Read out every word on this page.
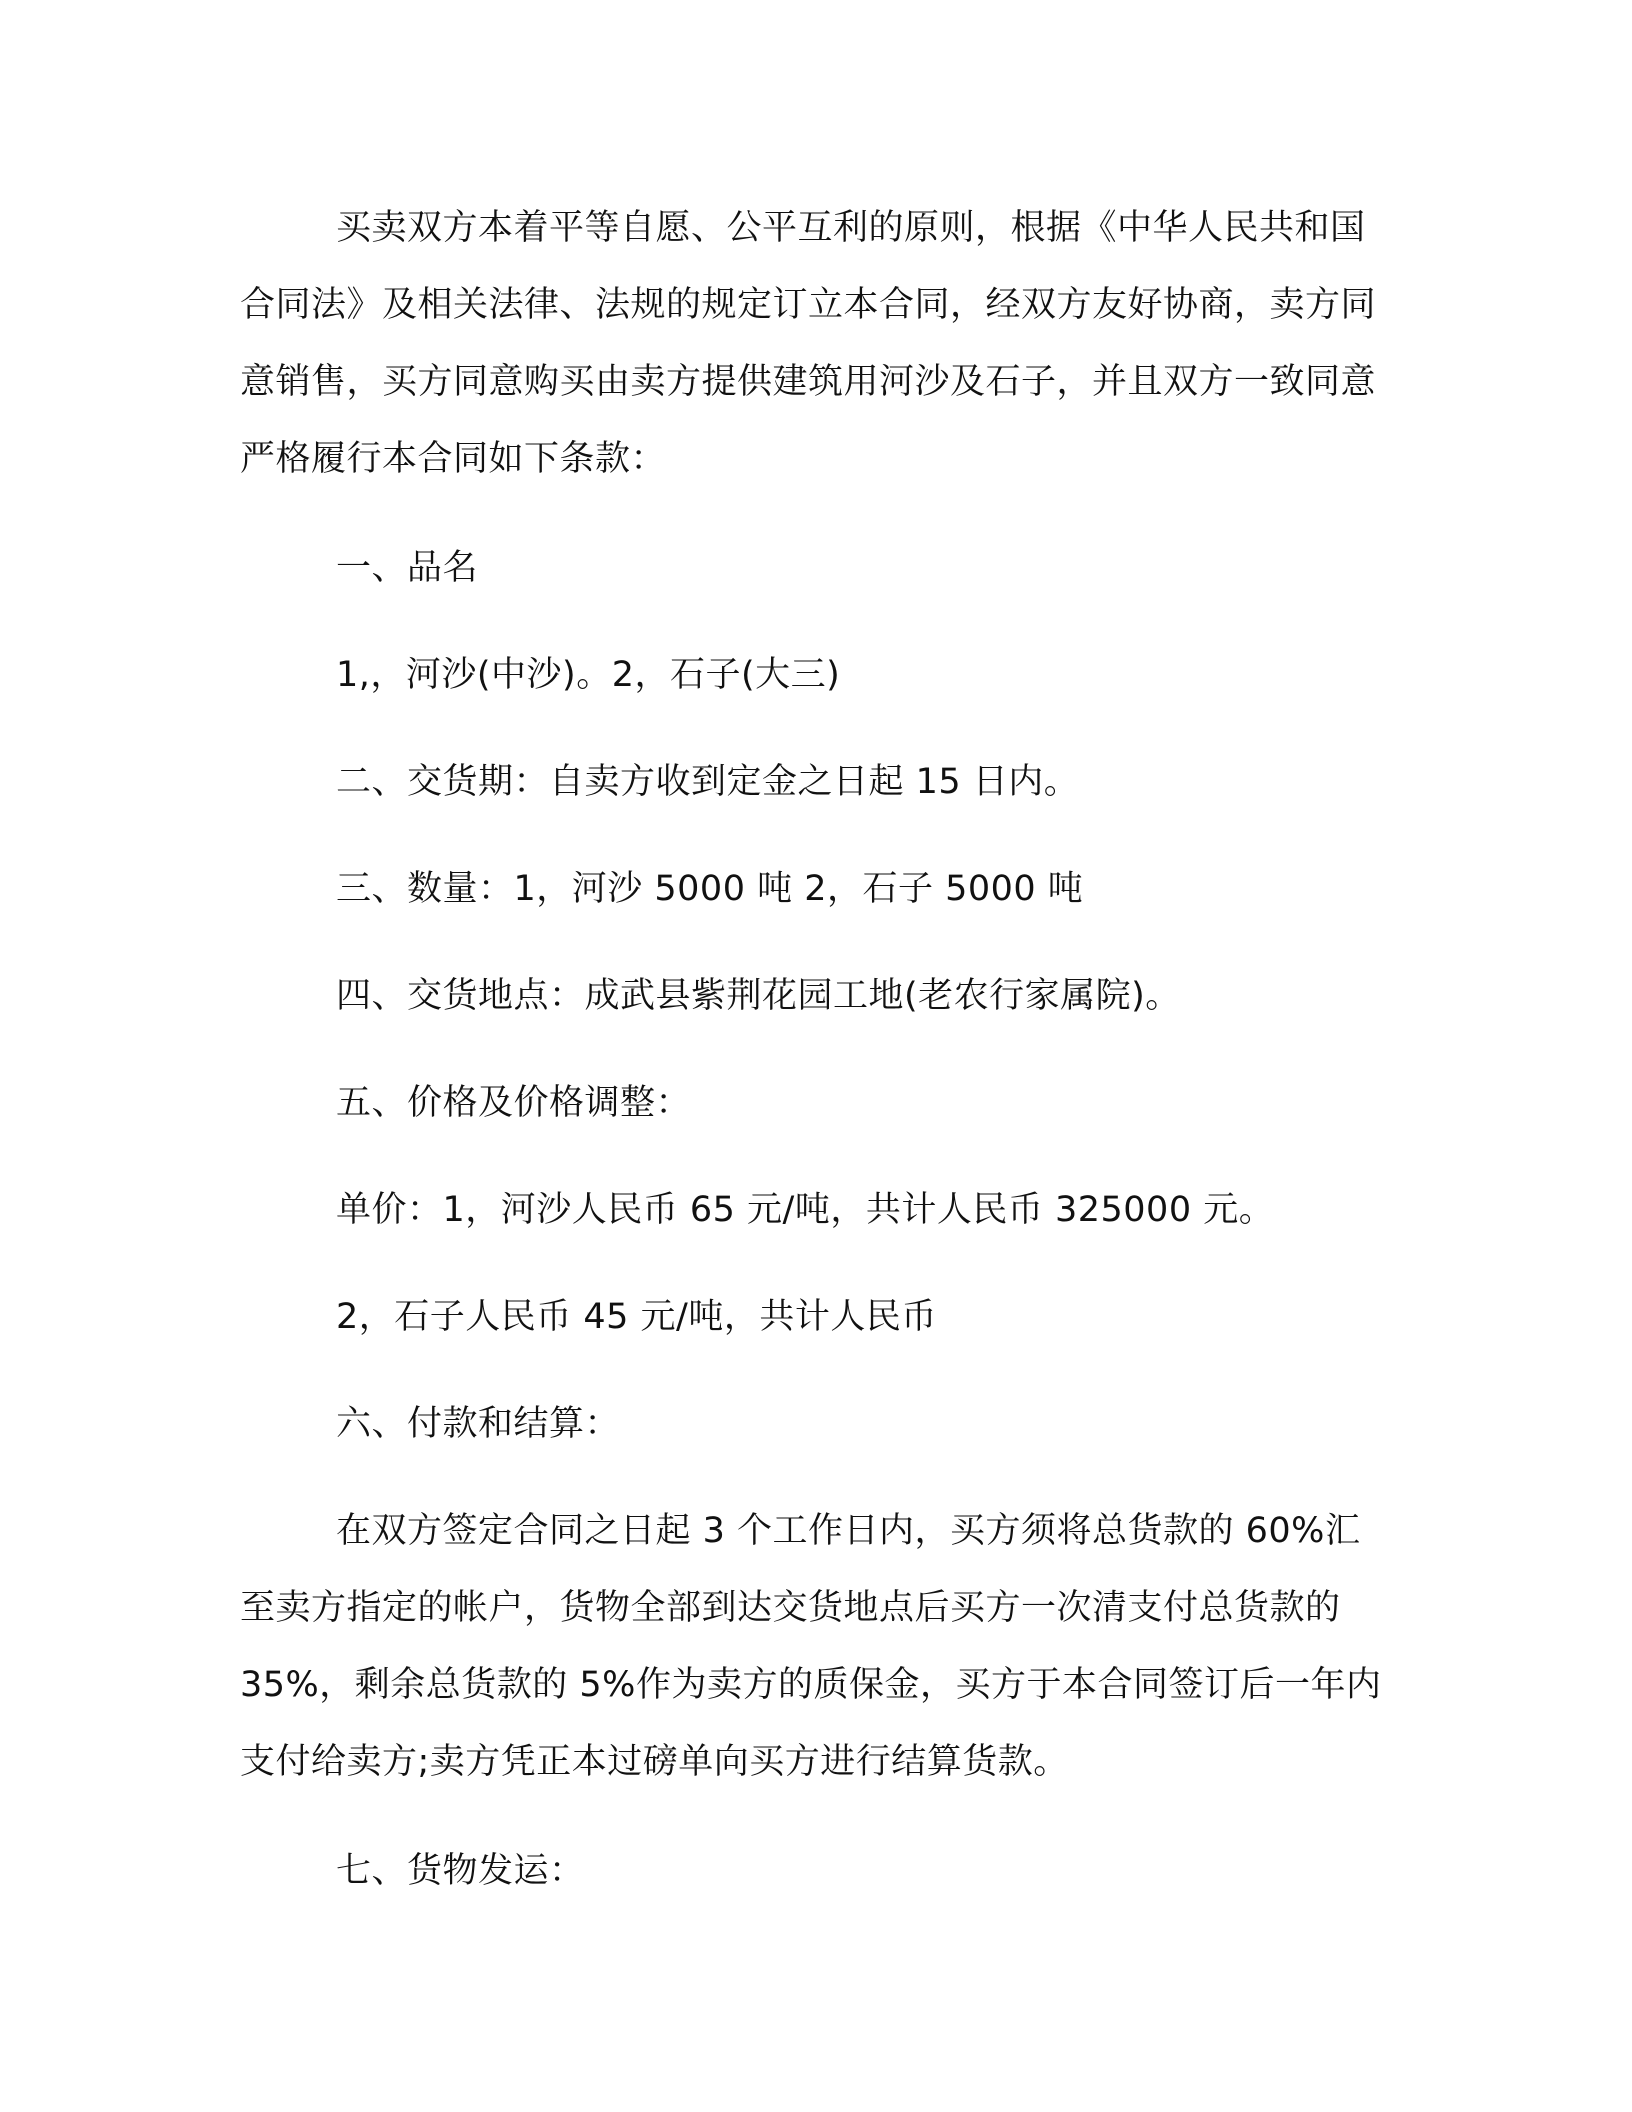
买卖双方本着平等自愿、公平互利的原则，根据《中华人民共和国合同法》及相关法律、法规的规定订立本合同，经双方友好协商，卖方同意销售，买方同意购买由卖方提供建筑用河沙及石子，并且双方一致同意严格履行本合同如下条款：

一、品名

1,，河沙(中沙)。2，石子(大三)

二、交货期：自卖方收到定金之日起 15 日内。

三、数量：1，河沙 5000 吨 2，石子 5000 吨

四、交货地点：成武县紫荆花园工地(老农行家属院)。

五、价格及价格调整：

单价：1，河沙人民币 65 元/吨，共计人民币 325000 元。

2，石子人民币 45 元/吨，共计人民币

六、付款和结算：

在双方签定合同之日起 3 个工作日内，买方须将总货款的 60%汇至卖方指定的帐户，货物全部到达交货地点后买方一次清支付总货款的 35%，剩余总货款的 5%作为卖方的质保金，买方于本合同签订后一年内支付给卖方;卖方凭正本过磅单向买方进行结算货款。

七、货物发运：
